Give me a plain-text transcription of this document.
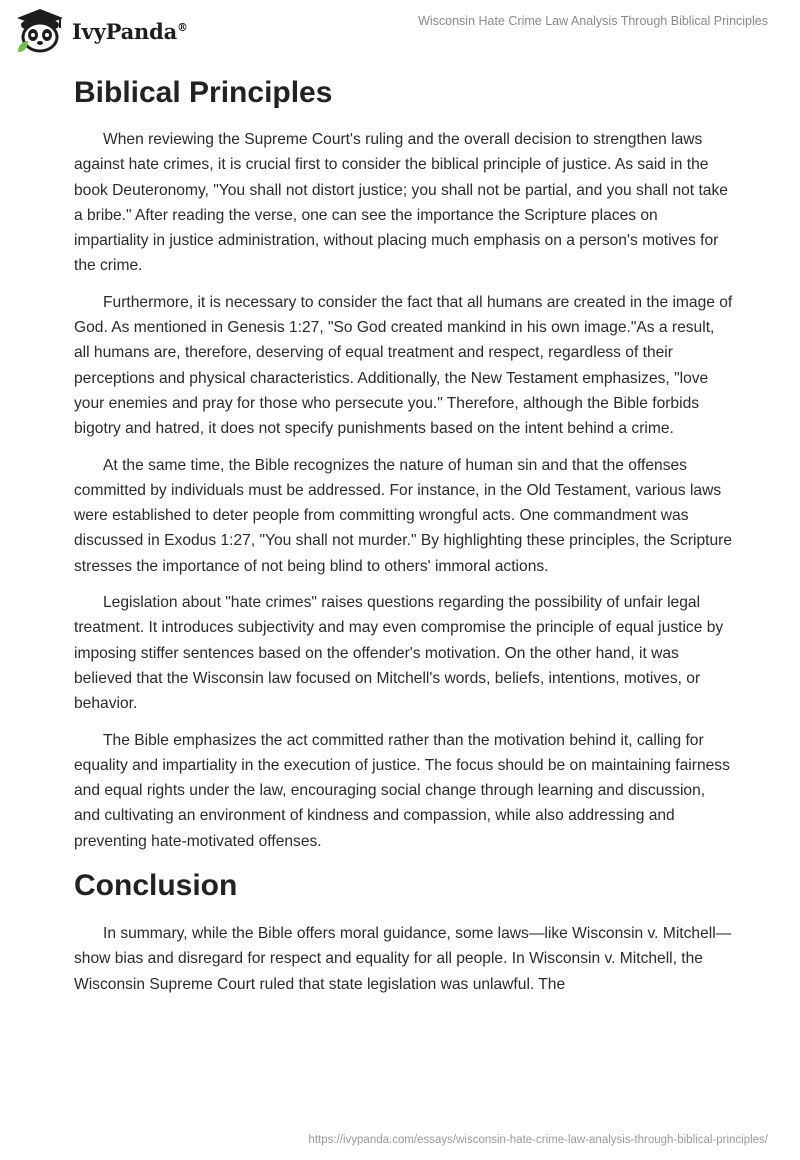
IvyPanda®	Wisconsin Hate Crime Law Analysis Through Biblical Principles
Biblical Principles

When reviewing the Supreme Court's ruling and the overall decision to strengthen laws against hate crimes, it is crucial first to consider the biblical principle of justice. As said in the book Deuteronomy, "You shall not distort justice; you shall not be partial, and you shall not take a bribe." After reading the verse, one can see the importance the Scripture places on impartiality in justice administration, without placing much emphasis on a person's motives for the crime.

Furthermore, it is necessary to consider the fact that all humans are created in the image of God. As mentioned in Genesis 1:27, "So God created mankind in his own image."As a result, all humans are, therefore, deserving of equal treatment and respect, regardless of their perceptions and physical characteristics. Additionally, the New Testament emphasizes, "love your enemies and pray for those who persecute you." Therefore, although the Bible forbids bigotry and hatred, it does not specify punishments based on the intent behind a crime.

At the same time, the Bible recognizes the nature of human sin and that the offenses committed by individuals must be addressed. For instance, in the Old Testament, various laws were established to deter people from committing wrongful acts. One commandment was discussed in Exodus 1:27, "You shall not murder." By highlighting these principles, the Scripture stresses the importance of not being blind to others' immoral actions.

Legislation about "hate crimes" raises questions regarding the possibility of unfair legal treatment. It introduces subjectivity and may even compromise the principle of equal justice by imposing stiffer sentences based on the offender's motivation. On the other hand, it was believed that the Wisconsin law focused on Mitchell's words, beliefs, intentions, motives, or behavior.

The Bible emphasizes the act committed rather than the motivation behind it, calling for equality and impartiality in the execution of justice. The focus should be on maintaining fairness and equal rights under the law, encouraging social change through learning and discussion, and cultivating an environment of kindness and compassion, while also addressing and preventing hate-motivated offenses.

Conclusion

In summary, while the Bible offers moral guidance, some laws—like Wisconsin v. Mitchell—show bias and disregard for respect and equality for all people. In Wisconsin v. Mitchell, the Wisconsin Supreme Court ruled that state legislation was unlawful. The

https://ivypanda.com/essays/wisconsin-hate-crime-law-analysis-through-biblical-principles/
